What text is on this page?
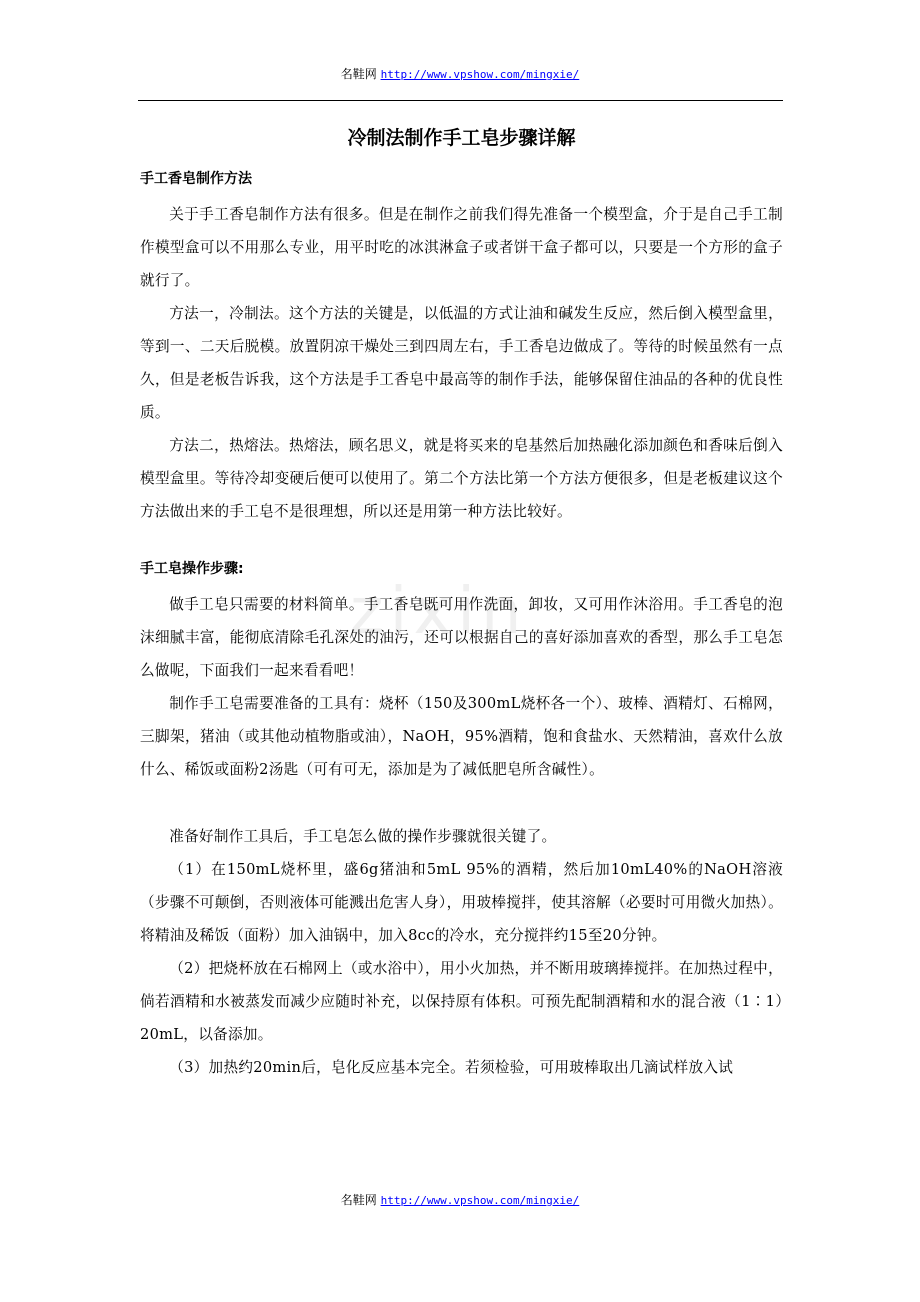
名鞋网 http://www.vpshow.com/mingxie/
zixin
冷制法制作手工皂步骤详解
手工香皂制作方法

关于手工香皂制作方法有很多。但是在制作之前我们得先准备一个模型盒，介于是自己手工制作模型盒可以不用那么专业，用平时吃的冰淇淋盒子或者饼干盒子都可以，只要是一个方形的盒子就行了。

方法一，冷制法。这个方法的关键是，以低温的方式让油和碱发生反应，然后倒入模型盒里，等到一、二天后脱模。放置阴凉干燥处三到四周左右，手工香皂边做成了。等待的时候虽然有一点久，但是老板告诉我，这个方法是手工香皂中最高等的制作手法，能够保留住油品的各种的优良性质。

方法二，热熔法。热熔法，顾名思义，就是将买来的皂基然后加热融化添加颜色和香味后倒入模型盒里。等待冷却变硬后便可以使用了。第二个方法比第一个方法方便很多，但是老板建议这个方法做出来的手工皂不是很理想，所以还是用第一种方法比较好。

手工皂操作步骤:

做手工皂只需要的材料简单。手工香皂既可用作洗面，卸妆，又可用作沐浴用。手工香皂的泡沫细腻丰富，能彻底清除毛孔深处的油污，还可以根据自己的喜好添加喜欢的香型，那么手工皂怎么做呢，下面我们一起来看看吧！

制作手工皂需要准备的工具有：烧杯（150及300mL烧杯各一个）、玻棒、酒精灯、石棉网，三脚架，猪油（或其他动植物脂或油），NaOH，95%酒精，饱和食盐水、天然精油，喜欢什么放什么、稀饭或面粉2汤匙（可有可无，添加是为了减低肥皂所含碱性）。

准备好制作工具后，手工皂怎么做的操作步骤就很关键了。

（1）在150mL烧杯里，盛6g猪油和5mL 95%的酒精，然后加10mL40%的NaOH溶液（步骤不可颠倒，否则液体可能溅出危害人身），用玻棒搅拌，使其溶解（必要时可用微火加热）。将精油及稀饭（面粉）加入油锅中，加入8cc的冷水，充分搅拌约15至20分钟。

（2）把烧杯放在石棉网上（或水浴中），用小火加热，并不断用玻璃捧搅拌。在加热过程中，倘若酒精和水被蒸发而减少应随时补充，以保持原有体积。可预先配制酒精和水的混合液（1∶1）20mL，以备添加。

（3）加热约20min后，皂化反应基本完全。若须检验，可用玻棒取出几滴试样放入试

名鞋网 http://www.vpshow.com/mingxie/
